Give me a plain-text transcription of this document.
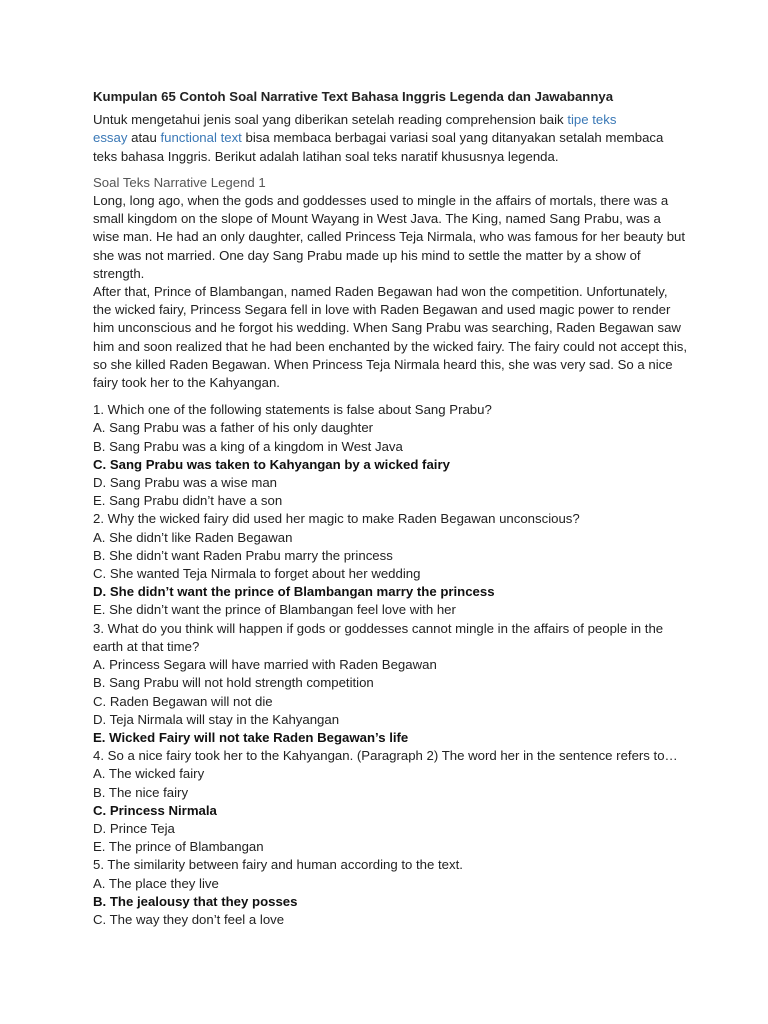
Kumpulan 65 Contoh Soal Narrative Text Bahasa Inggris Legenda dan Jawabannya

Untuk mengetahui jenis soal yang diberikan setelah reading comprehension baik tipe teks
essay atau functional text bisa membaca berbagai variasi soal yang ditanyakan setalah membaca teks bahasa Inggris. Berikut adalah latihan soal teks naratif khususnya legenda.

Soal Teks Narrative Legend 1

Long, long ago, when the gods and goddesses used to mingle in the affairs of mortals, there was a small kingdom on the slope of Mount Wayang in West Java. The King, named Sang Prabu, was a wise man. He had an only daughter, called Princess Teja Nirmala, who was famous for her beauty but she was not married. One day Sang Prabu made up his mind to settle the matter by a show of strength.

After that, Prince of Blambangan, named Raden Begawan had won the competition. Unfortunately, the wicked fairy, Princess Segara fell in love with Raden Begawan and used magic power to render him unconscious and he forgot his wedding. When Sang Prabu was searching, Raden Begawan saw him and soon realized that he had been enchanted by the wicked fairy. The fairy could not accept this, so she killed Raden Begawan. When Princess Teja Nirmala heard this, she was very sad. So a nice fairy took her to the Kahyangan.

1. Which one of the following statements is false about Sang Prabu?

A. Sang Prabu was a father of his only daughter

B. Sang Prabu was a king of a kingdom in West Java

C. Sang Prabu was taken to Kahyangan by a wicked fairy

D. Sang Prabu was a wise man

E. Sang Prabu didn’t have a son

2. Why the wicked fairy did used her magic to make Raden Begawan unconscious?

A. She didn’t like Raden Begawan

B. She didn’t want Raden Prabu marry the princess

C. She wanted Teja Nirmala to forget about her wedding

D. She didn’t want the prince of Blambangan marry the princess

E. She didn’t want the prince of Blambangan feel love with her

3. What do you think will happen if gods or goddesses cannot mingle in the affairs of people in the earth at that time?

A. Princess Segara will have married with Raden Begawan

B. Sang Prabu will not hold strength competition

C. Raden Begawan will not die

D. Teja Nirmala will stay in the Kahyangan

E. Wicked Fairy will not take Raden Begawan’s life

4. So a nice fairy took her to the Kahyangan. (Paragraph 2) The word her in the sentence refers to…

A. The wicked fairy

B. The nice fairy

C. Princess Nirmala

D. Prince Teja

E. The prince of Blambangan

5. The similarity between fairy and human according to the text.

A. The place they live

B. The jealousy that they posses

C. The way they don’t feel a love
